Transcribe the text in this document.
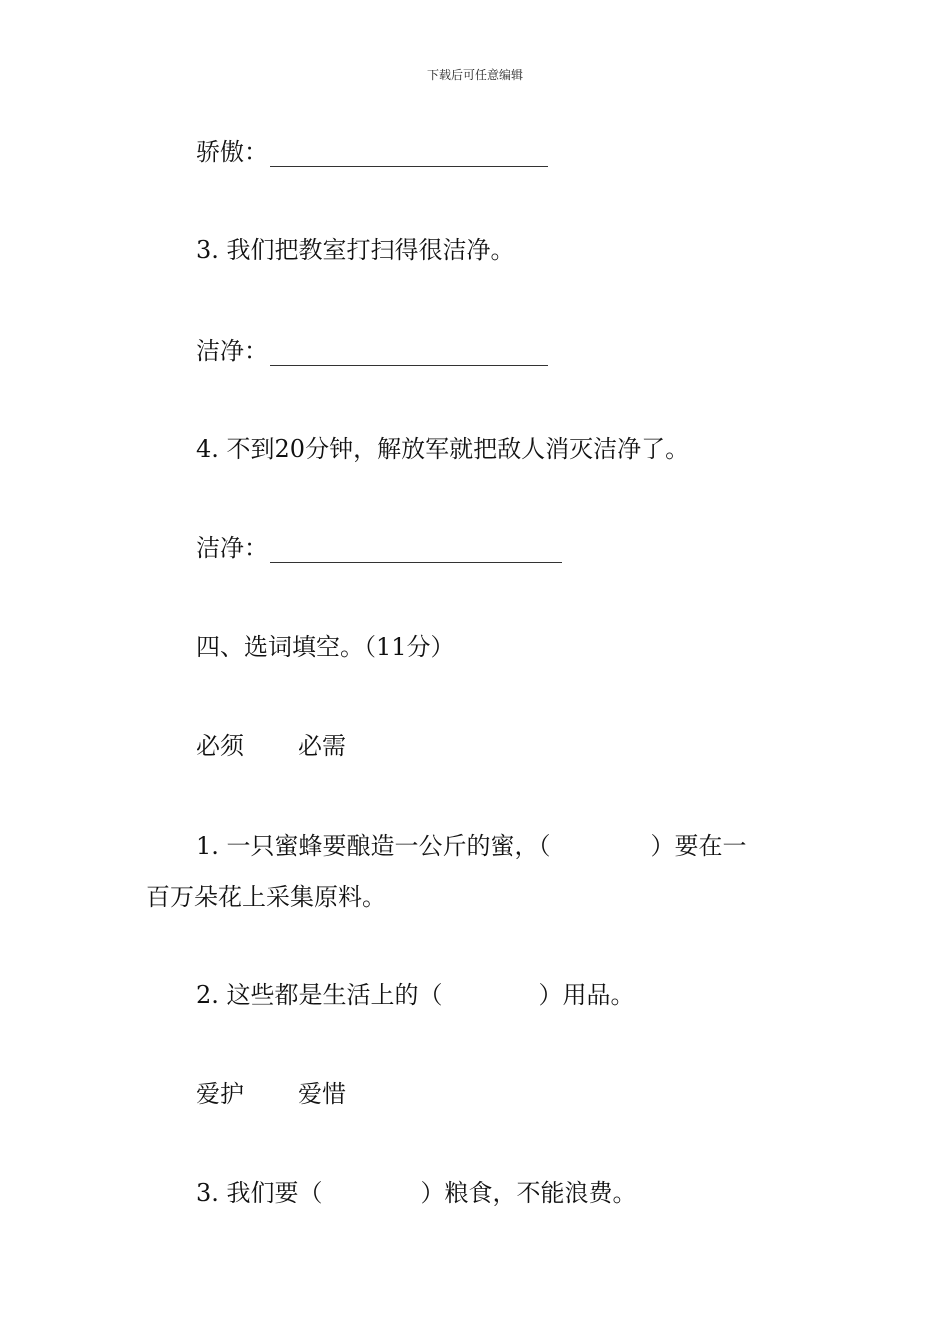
下载后可任意编辑
骄傲：
3. 我们把教室打扫得很洁净。
洁净：
4. 不到20分钟，解放军就把敌人消灭洁净了。
洁净：
四、选词填空。（11分）
必须 必需
1. 一只蜜蜂要酿造一公斤的蜜，（	）要在一
百万朵花上采集原料。
2. 这些都是生活上的（	）用品。
爱护 爱惜
3. 我们要（	）粮食，不能浪费。
